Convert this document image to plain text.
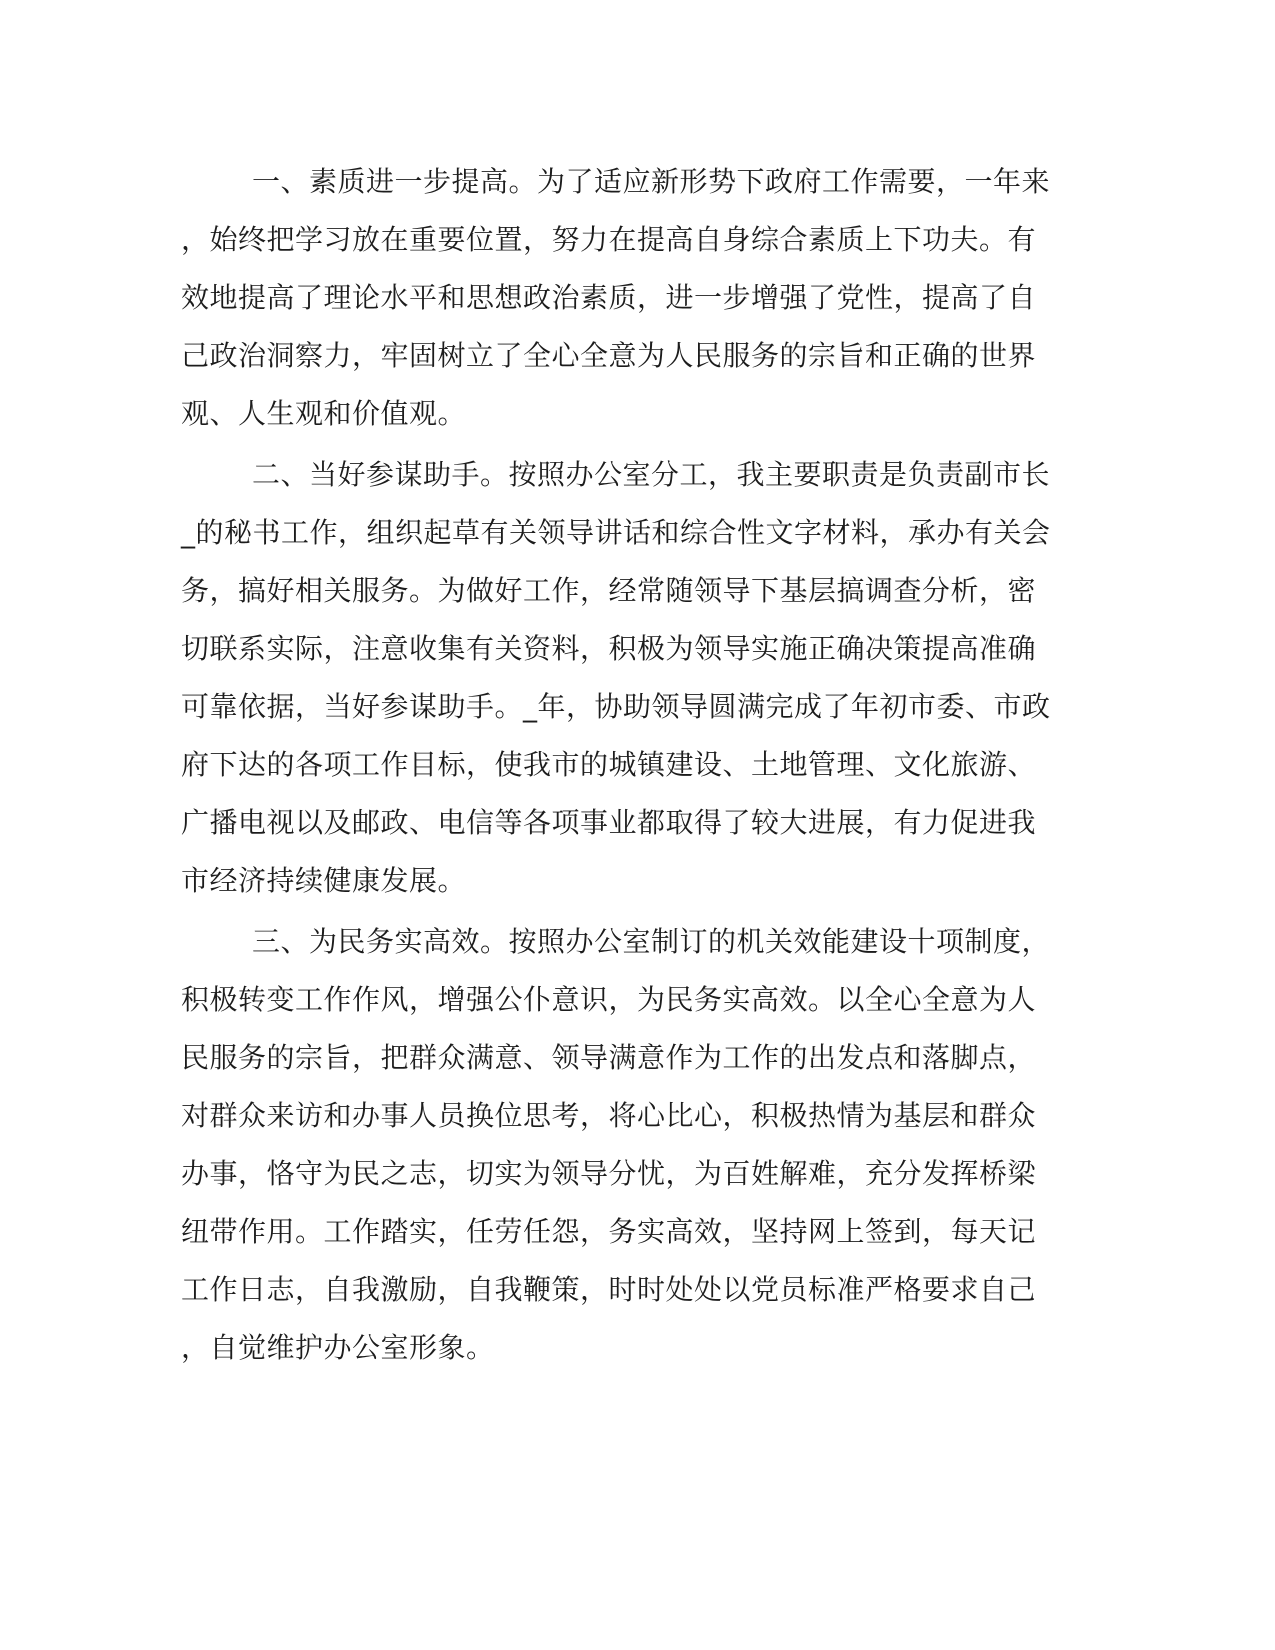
一、素质进一步提高。为了适应新形势下政府工作需要，一年来
，始终把学习放在重要位置，努力在提高自身综合素质上下功夫。有
效地提高了理论水平和思想政治素质，进一步增强了党性，提高了自
己政治洞察力，牢固树立了全心全意为人民服务的宗旨和正确的世界
观、人生观和价值观。
二、当好参谋助手。按照办公室分工，我主要职责是负责副市长
_的秘书工作，组织起草有关领导讲话和综合性文字材料，承办有关会
务，搞好相关服务。为做好工作，经常随领导下基层搞调查分析，密
切联系实际，注意收集有关资料，积极为领导实施正确决策提高准确
可靠依据，当好参谋助手。_年，协助领导圆满完成了年初市委、市政
府下达的各项工作目标，使我市的城镇建设、土地管理、文化旅游、
广播电视以及邮政、电信等各项事业都取得了较大进展，有力促进我
市经济持续健康发展。
三、为民务实高效。按照办公室制订的机关效能建设十项制度，
积极转变工作作风，增强公仆意识，为民务实高效。以全心全意为人
民服务的宗旨，把群众满意、领导满意作为工作的出发点和落脚点，
对群众来访和办事人员换位思考，将心比心，积极热情为基层和群众
办事，恪守为民之志，切实为领导分忧，为百姓解难，充分发挥桥梁
纽带作用。工作踏实，任劳任怨，务实高效，坚持网上签到，每天记
工作日志，自我激励，自我鞭策，时时处处以党员标准严格要求自己
，自觉维护办公室形象。
